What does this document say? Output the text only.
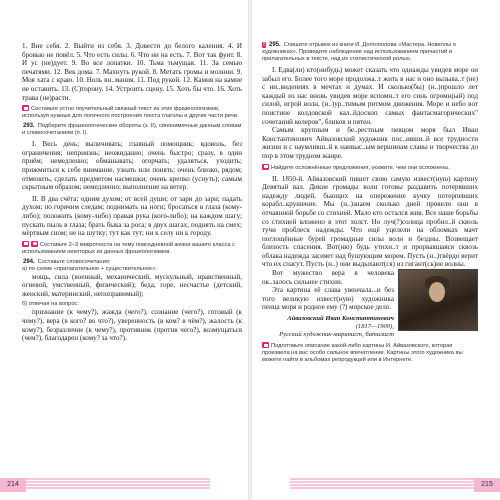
1. Вне себя. 2. Выйти из себя. 3. Довести до белого каления. 4. И бровью не повёл. 5. Что есть силы. 6. Что ни на есть. 7. Вот так фунт. 8. И ус (не)дует. 9. Во все лопатки. 10. Тьма тьмущая. 11. За семью печатями. 12. Век дома. 7. Махнуть рукой. 8. Метать громы и молнии. 9. Моя хата с краю. 10. Ноль вн..мания. 11. Под рукой. 12. Камня на камне не оставить. 13. (С)торону. 14. Устроить сцену. 15. Хоть бы что. 16. Хоть трава (не)расти.

Составьте устно поучительный связный текст из этих фразеологизмов, используя нужные для логичного построения текста глаголы и другие части речи.

293. Подберите фразеологические обороты (з. II), синонимичные данным словам и словосочетаниям (п. I).

I. Весь день; выличивать; главный помощник; вдоволь, без ограничения; неприязнь; неожиданно; очень быстро; сразу, в один приём; немедленно; обманывать; огорчать; удаляться, уходить; прижмиться к себе внимание, узнать или понять; очень близко, рядом; отменить, сделать предметом насмешки; очень крепко (уснуть); самым скрытным образом; немедленно; выполнение на ветер.

II. В два счёта; одним духом; от всей души; от зари до зари; падать духом; по горячим следам; поднимать на ноги; бросаться в глаза (кому-либо); положить (кому-либо) правая рука (кого-либо); на каждом шагу; пускать пыль в глаза; брать быка за рога; в двух шагах; поднять на смех; мёртвым сном; не на шутку; тут как тут; ни к селу ни к городу.

Составьте 2–3 микротекста на тему повседневной жизни вашего класса с использованием некоторых из данных фразеологизмов.

294. Составьте словосочетания:

а) по схеме «прилагательное + существительное»:

мощь, сила (военный, механический, мускульный, нравственный, огневой, умственный, физический); беда, горе, несчастье (детский, женский, материнский, непоправимый);

б) отвечая на вопрос:

признание (к чему?), жажда (чего?), сознание (чего?), готовый (к чему?), вера (в кого? во что?), уверенность (в ком? в чём?), жалость (к кому?), безразличие (к чему?), противник (против чего?), возмущаться (чем?), благодарен (кому? за что?).

214

! 295. Спишите отрывок из книги И. Долгополова «Мастера. Новеллы о художниках». Проведите наблюдение над использованием причастий и прилагательных в тексте, над их стилистической ролью.

I. Едва(ли) кто(нибудь) может сказать что однажды увидев море он забыл его. Более того море продолжа..т жить в нас и оно вызыва..т (не) с ни..видениях в мечтах и думах. И сколько(бы) (н..)прошло лет каждый из нас вновь увидев море вспомн..т его синь огромн(ый) под силой, игрой волн, (н..)ур..тимым ритмом движения. Море и небо вот поистине колдовской кал..йдоскоп самых фантасмагорических" сочетаний колеров", бликов и пятен.

Самым крупным и бе..рестным певцом моря был Иван Константинович Айвазовский художник пос..ивши..й все трудности жизни и с наумливш..й к наивыс..ым вершинам славы и творчества до пор в этом трудном жанре.

Найдите осложнённые предложения, укажите, чем они осложнены.

II. 1850-й. Айвазовский пишет свою самую извест(ную) картину Девятый вал. Дикие громады волн готовы раздавить потерявших надежду людей, бьющих на опережение кучку потерпевших корабл..крушение. Мы (н..)знаем сколько дней провели они в отчаянной борьбе со стихией. Мало кто остался жив. Все наше борьбы со стихией вложено в этот холст. Но луч(?)солнца пробил..й сквозь тучи проблеск надежды. Что ещё уцелели на обломках мачт поглощённые бурей громадные силы волн и бездны. Возвещает близость спасения. Вот(ню) будь утихн..т и прорвавшаяся сквозь облака надежда засияет над бушующим морем. Пусть (н..)твёрдо верит что их спасут. Пусть (н..) они выдыхают(ся) из гигант(ск)ие волны.

Вот мужество верa в человека ок..залось сильнее стихии.

Эта картина её слава увенчала...и без того великую извест(ную) художника пенца моря и родное ему (?) морское дело.

Айвазовский Иван Константинович
(1817—1900),
Русский художник-маринист, баталист

Подготовьте описание какой-либо картины И. Айвазовского, которая произвела на вас особо сильное впечатление. Картины этого художника вы можете найти в альбомах репродукций или в Интернете.

215
